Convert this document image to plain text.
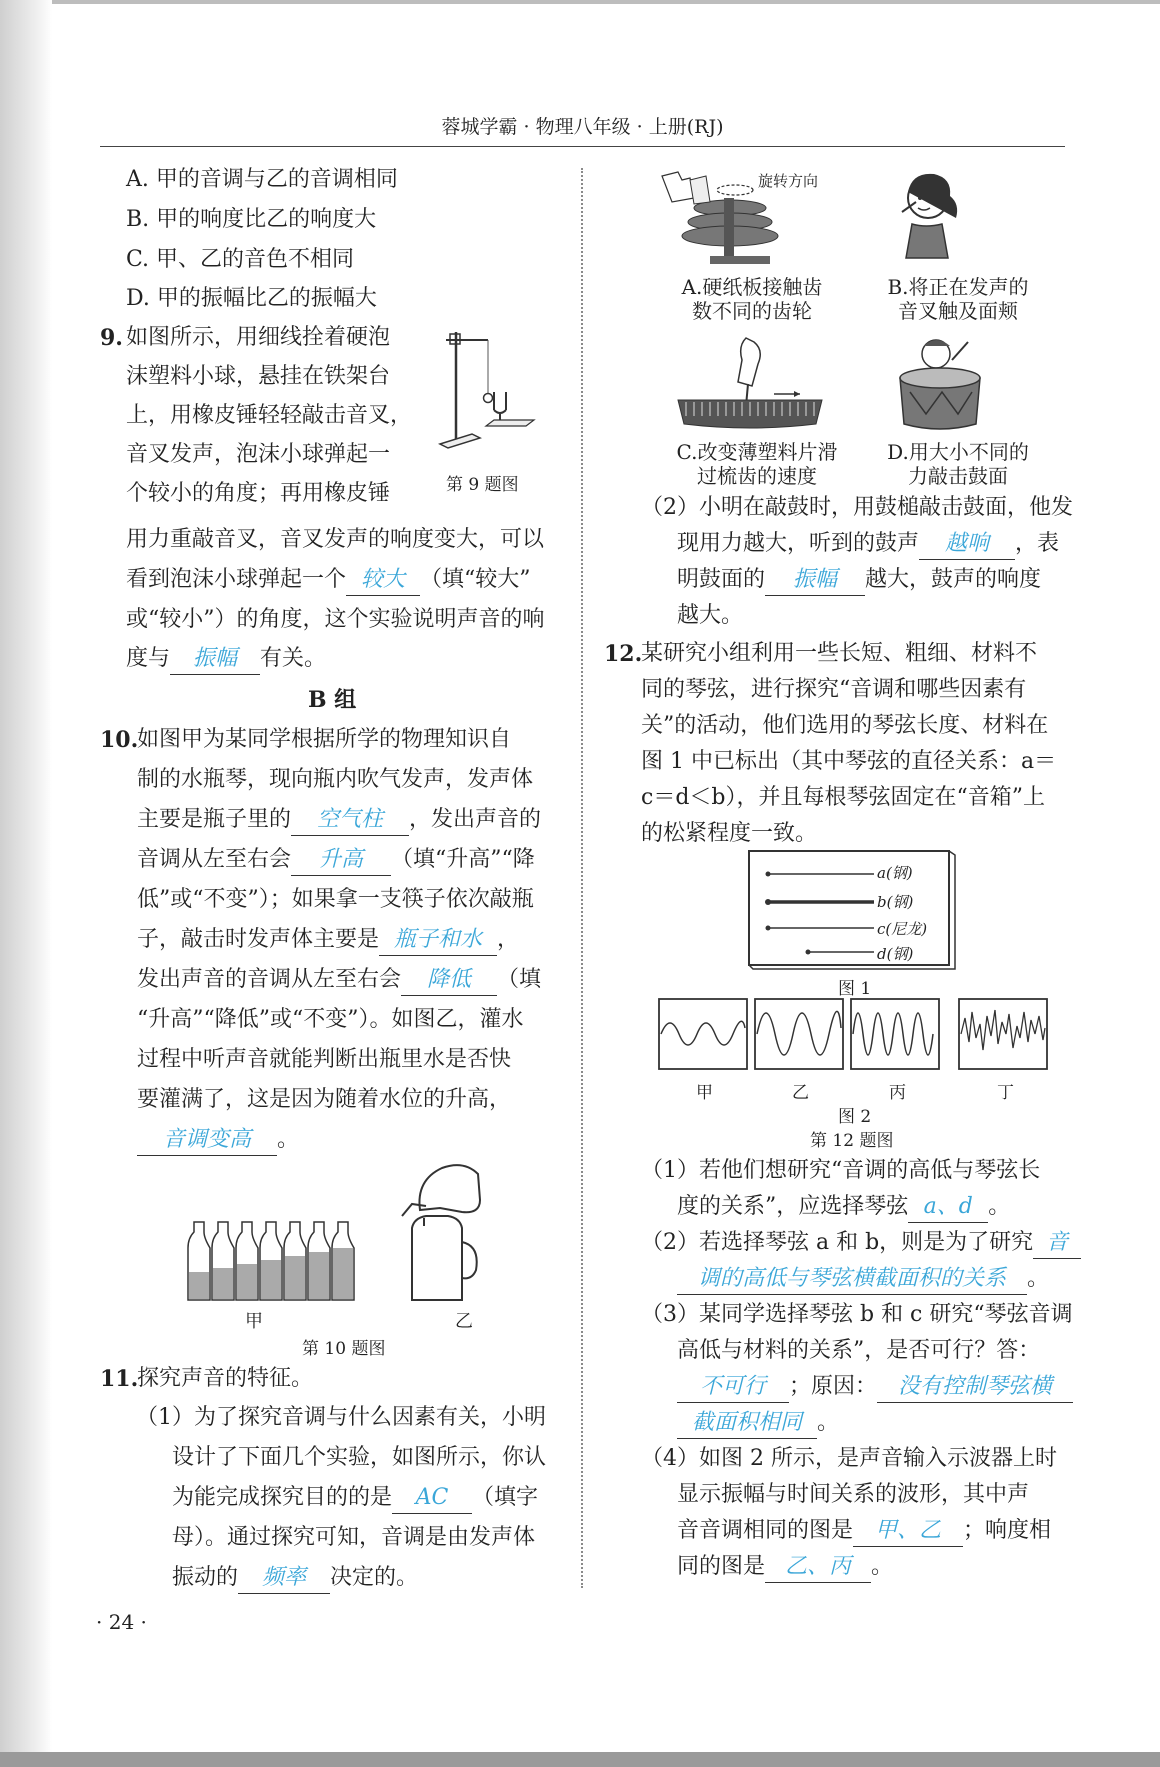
蓉城学霸 · 物理八年级 · 上册(RJ)
A. 甲的音调与乙的音调相同
B. 甲的响度比乙的响度大
C. 甲、乙的音色不相同
D. 甲的振幅比乙的振幅大
9. 如图所示，用细线拴着硬泡
沫塑料小球，悬挂在铁架台
上，用橡皮锤轻轻敲击音叉，
音叉发声，泡沫小球弹起一
个较小的角度；再用橡皮锤	第 9 题图
用力重敲音叉，音叉发声的响度变大，可以
看到泡沫小球弹起一个 较大 （填“较大”
或“较小”）的角度，这个实验说明声音的响
度与 振幅 有关。
B 组
10.
如图甲为某同学根据所学的物理知识自
制的水瓶琴，现向瓶内吹气发声，发声体
主要是瓶子里的 空气柱 ，发出声音的
音调从左至右会 升高 （填“升高”“降
低”或“不变”）；如果拿一支筷子依次敲瓶
子，敲击时发声体主要是 瓶子和水 ，
发出声音的音调从左至右会 降低 （填
“升高”“降低”或“不变”）。如图乙，灌水
过程中听声音就能判断出瓶里水是否快
要灌满了，这是因为随着水位的升高，
音调变高 。
甲	乙
第 10 题图
11.
探究声音的特征。
（1）为了探究音调与什么因素有关，小明
设计了下面几个实验，如图所示，你认
为能完成探究目的的是 AC （填字
母）。通过探究可知，音调是由发声体
振动的 频率 决定的。
· 24 ·
旋转方向
A.硬纸板接触齿
数不同的齿轮
B.将正在发声的
音叉触及面颊
C.改变薄塑料片滑
过梳齿的速度
D.用大小不同的
力敲击鼓面
（2）小明在敲鼓时，用鼓槌敲击鼓面，他发
现用力越大，听到的鼓声 越响 ，表
明鼓面的 振幅 越大，鼓声的响度
越大。
12.
某研究小组利用一些长短、粗细、材料不
同的琴弦，进行探究“音调和哪些因素有
关”的活动，他们选用的琴弦长度、材料在
图 1 中已标出（其中琴弦的直径关系：a＝
c＝d＜b），并且每根琴弦固定在“音箱”上
的松紧程度一致。
a(钢)
b(钢)
c(尼龙)
d(钢)
图 1
甲	乙	丙	丁
图 2
第 12 题图
（1）若他们想研究“音调的高低与琴弦长
度的关系”，应选择琴弦 a、d 。
（2）若选择琴弦 a 和 b，则是为了研究 音
调的高低与琴弦横截面积的关系 。
（3）某同学选择琴弦 b 和 c 研究“琴弦音调
高低与材料的关系”，是否可行？答：
不可行 ；原因： 没有控制琴弦横
截面积相同 。
（4）如图 2 所示，是声音输入示波器上时
显示振幅与时间关系的波形，其中声
音音调相同的图是 甲、乙 ；响度相
同的图是 乙、丙 。
